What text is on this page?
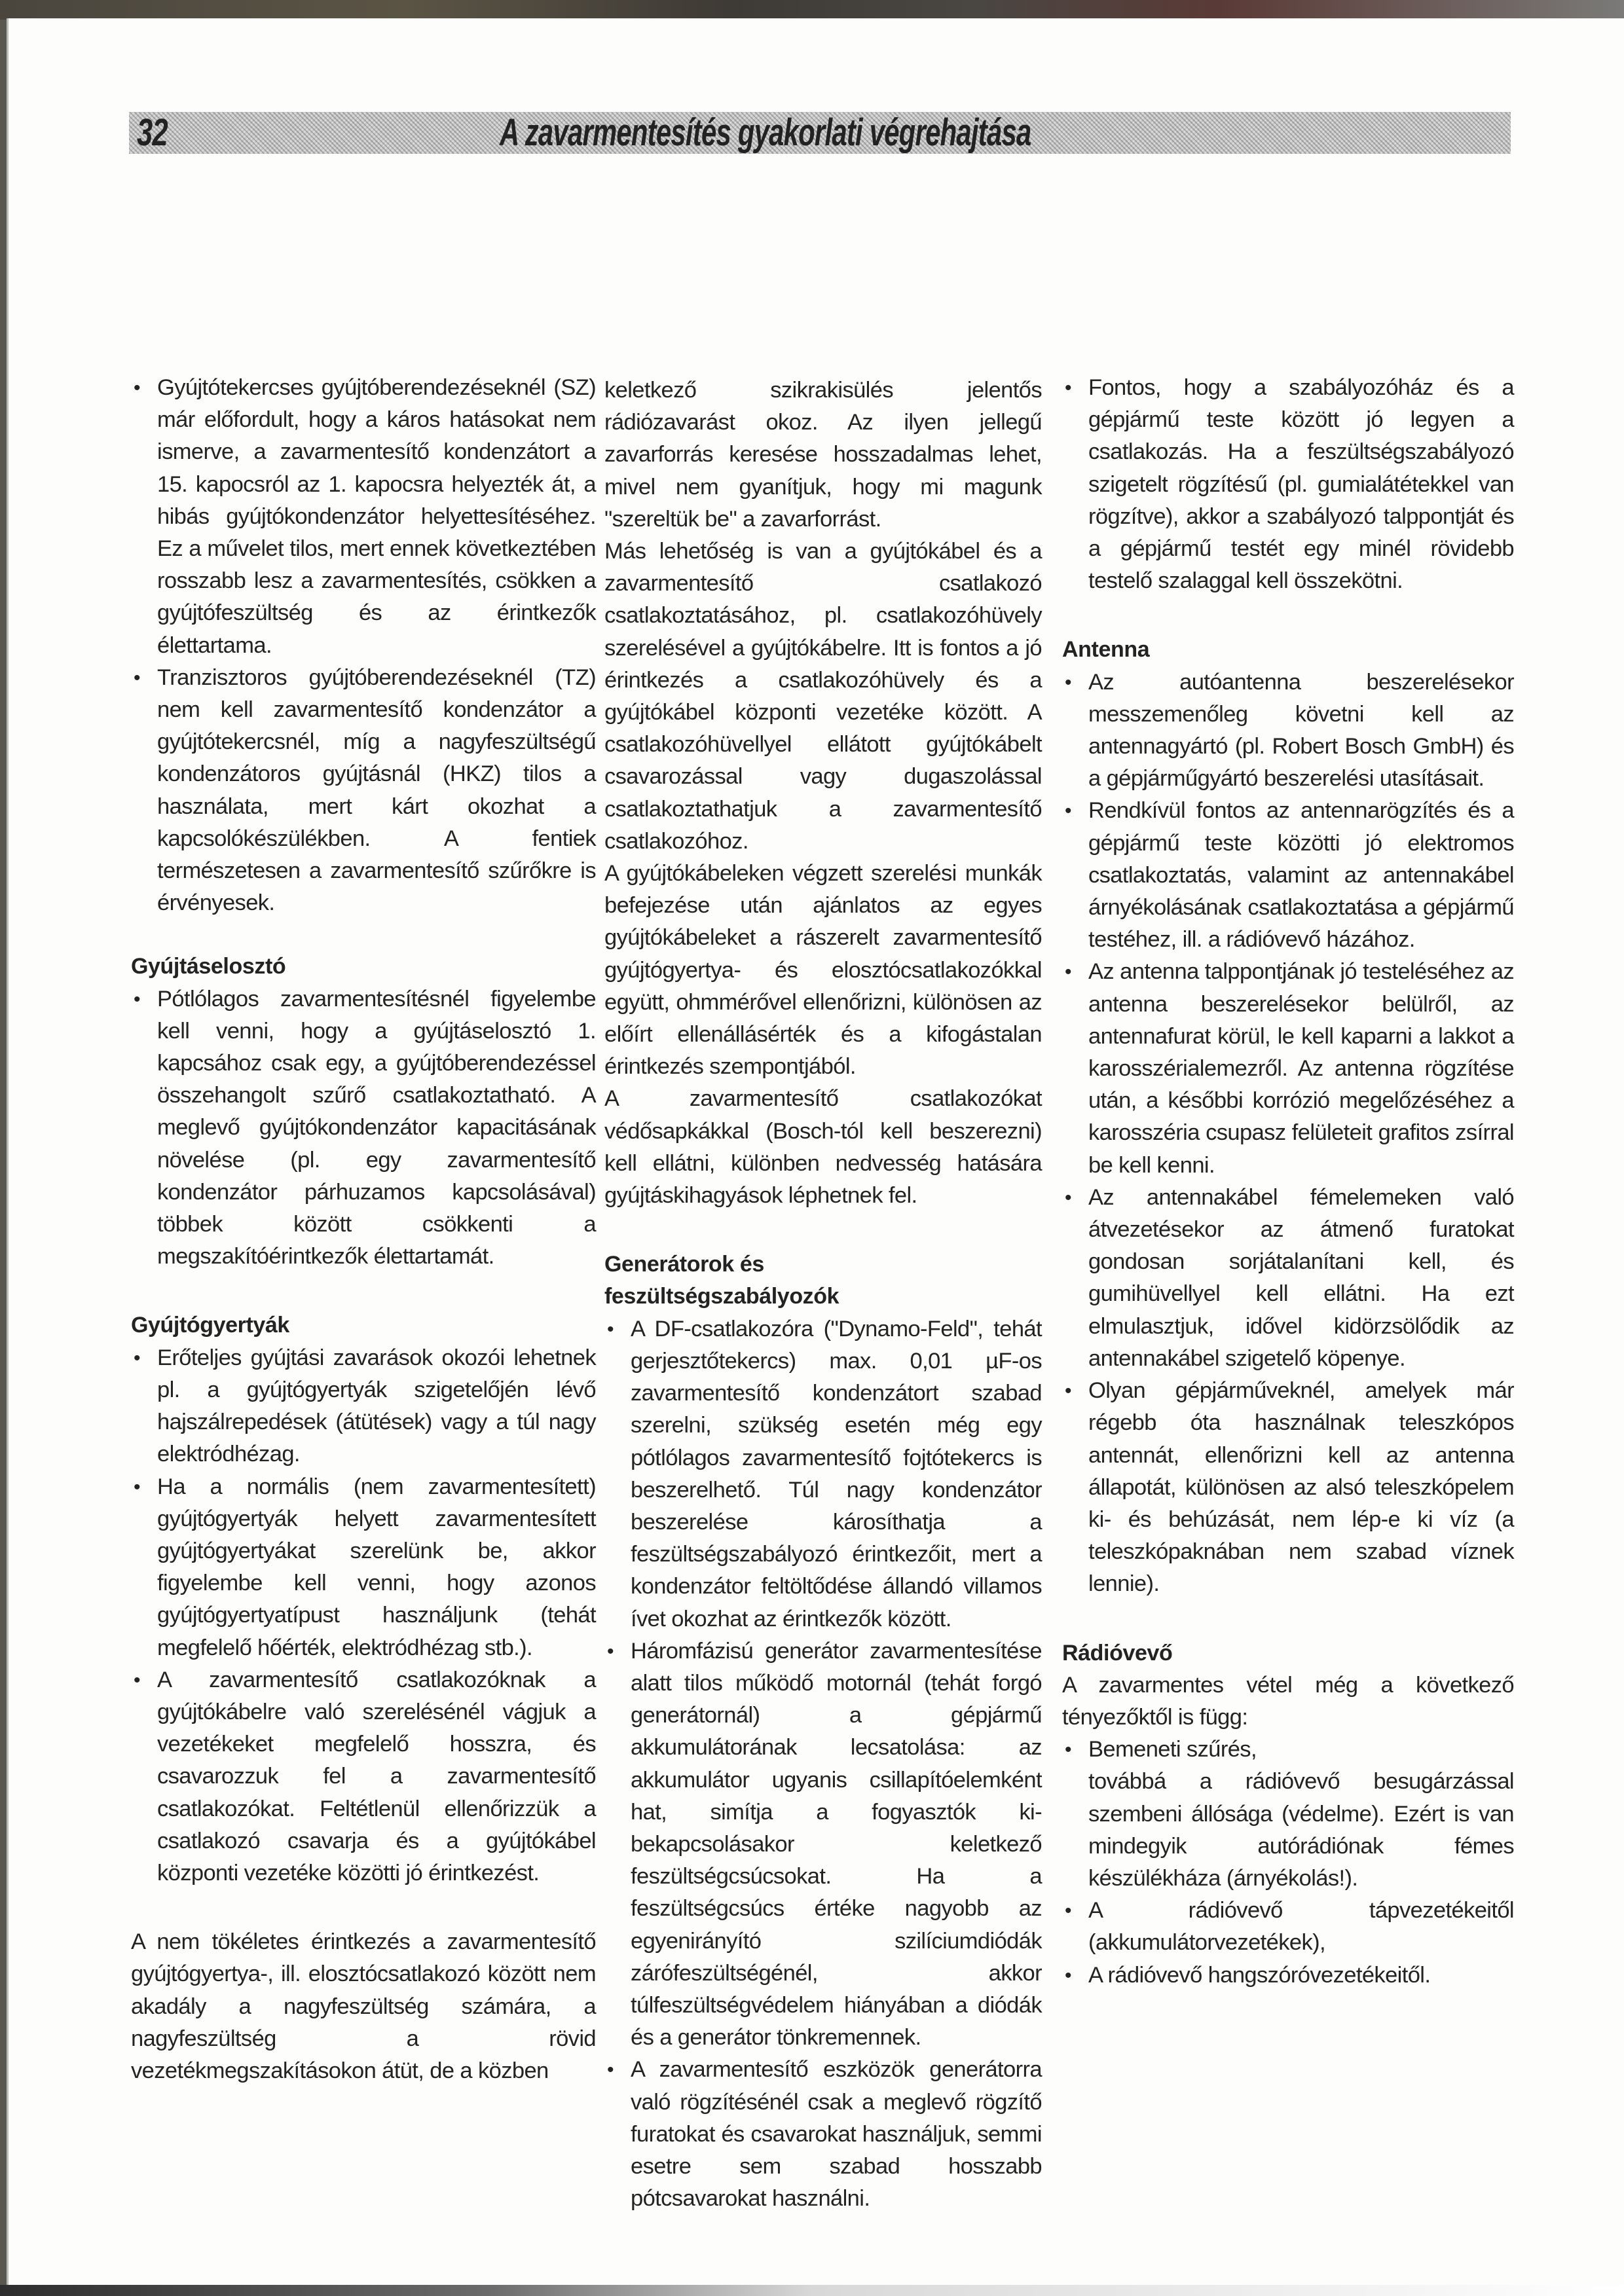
32	A zavarmentesítés gyakorlati végrehajtása

• Gyújtótekercses gyújtóberendezéseknél (SZ) már előfordult, hogy a káros hatásokat nem ismerve, a zavarmentesítő kondenzátort a 15. kapocsról az 1. kapocsra helyezték át, a hibás gyújtókondenzátor helyettesítéséhez. Ez a művelet tilos, mert ennek következtében rosszabb lesz a zavarmentesítés, csökken a gyújtófeszültség és az érintkezők élettartama.

• Tranzisztoros gyújtóberendezéseknél (TZ) nem kell zavarmentesítő kondenzátor a gyújtótekercsnél, míg a nagyfeszültségű kondenzátoros gyújtásnál (HKZ) tilos a használata, mert kárt okozhat a kapcsolókészülékben. A fentiek természetesen a zavarmentesítő szűrőkre is érvényesek.

Gyújtáselosztó

• Pótlólagos zavarmentesítésnél figyelembe kell venni, hogy a gyújtáselosztó 1. kapcsához csak egy, a gyújtóberendezéssel összehangolt szűrő csatlakoztatható. A meglevő gyújtókondenzátor kapacitásának növelése (pl. egy zavarmentesítő kondenzátor párhuzamos kapcsolásával) többek között csökkenti a megszakítóérintkezők élettartamát.

Gyújtógyertyák

• Erőteljes gyújtási zavarások okozói lehetnek pl. a gyújtógyertyák szigetelőjén lévő hajszálrepedések (átütések) vagy a túl nagy elektródhézag.

• Ha a normális (nem zavarmentesített) gyújtógyertyák helyett zavarmentesített gyújtógyertyákat szerelünk be, akkor figyelembe kell venni, hogy azonos gyújtógyertyatípust használjunk (tehát megfelelő hőérték, elektródhézag stb.).

• A zavarmentesítő csatlakozóknak a gyújtókábelre való szerelésénél vágjuk a vezetékeket megfelelő hosszra, és csavarozzuk fel a zavarmentesítő csatlakozókat. Feltétlenül ellenőrizzük a csatlakozó csavarja és a gyújtókábel központi vezetéke közötti jó érintkezést.

A nem tökéletes érintkezés a zavarmentesítő gyújtógyertya-, ill. elosztócsatlakozó között nem akadály a nagyfeszültség számára, a nagyfeszültség a rövid vezetékmegszakításokon átüt, de a közben

keletkező szikrakisülés jelentős rádiózavarást okoz. Az ilyen jellegű zavarforrás keresése hosszadalmas lehet, mivel nem gyanítjuk, hogy mi magunk "szereltük be" a zavarforrást.

Más lehetőség is van a gyújtókábel és a zavarmentesítő csatlakozó csatlakoztatásához, pl. csatlakozóhüvely szerelésével a gyújtókábelre. Itt is fontos a jó érintkezés a csatlakozóhüvely és a gyújtókábel központi vezetéke között. A csatlakozóhüvellyel ellátott gyújtókábelt csavarozással vagy dugaszolással csatlakoztathatjuk a zavarmentesítő csatlakozóhoz.

A gyújtókábeleken végzett szerelési munkák befejezése után ajánlatos az egyes gyújtókábeleket a rászerelt zavarmentesítő gyújtógyertya- és elosztócsatlakozókkal együtt, ohmmérővel ellenőrizni, különösen az előírt ellenállásérték és a kifogástalan érintkezés szempontjából.

A zavarmentesítő csatlakozókat védősapkákkal (Bosch-tól kell beszerezni) kell ellátni, különben nedvesség hatására gyújtáskihagyások léphetnek fel.

Generátorok és
feszültségszabályozók

• A DF-csatlakozóra ("Dynamo-Feld", tehát gerjesztőtekercs) max. 0,01 µF-os zavarmentesítő kondenzátort szabad szerelni, szükség esetén még egy pótlólagos zavarmentesítő fojtótekercs is beszerelhető. Túl nagy kondenzátor beszerelése károsíthatja a feszültségszabályozó érintkezőit, mert a kondenzátor feltöltődése állandó villamos ívet okozhat az érintkezők között.

• Háromfázisú generátor zavarmentesítése alatt tilos működő motornál (tehát forgó generátornál) a gépjármű akkumulátorának lecsatolása: az akkumulátor ugyanis csillapítóelemként hat, simítja a fogyasztók ki-bekapcsolásakor keletkező feszültségcsúcsokat. Ha a feszültségcsúcs értéke nagyobb az egyenirányító szilíciumdiódák zárófeszültségénél, akkor túlfeszültségvédelem hiányában a diódák és a generátor tönkremennek.

• A zavarmentesítő eszközök generátorra való rögzítésénél csak a meglevő rögzítő furatokat és csavarokat használjuk, semmi esetre sem szabad hosszabb pótcsavarokat használni.

• Fontos, hogy a szabályozóház és a gépjármű teste között jó legyen a csatlakozás. Ha a feszültségszabályozó szigetelt rögzítésű (pl. gumialátétekkel van rögzítve), akkor a szabályozó talppontját és a gépjármű testét egy minél rövidebb testelő szalaggal kell összekötni.

Antenna

• Az autóantenna beszerelésekor messzemenőleg követni kell az antennagyártó (pl. Robert Bosch GmbH) és a gépjárműgyártó beszerelési utasításait.

• Rendkívül fontos az antennarögzítés és a gépjármű teste közötti jó elektromos csatlakoztatás, valamint az antennakábel árnyékolásának csatlakoztatása a gépjármű testéhez, ill. a rádióvevő házához.

• Az antenna talppontjának jó testeléséhez az antenna beszerelésekor belülről, az antennafurat körül, le kell kaparni a lakkot a karosszérialemezről. Az antenna rögzítése után, a későbbi korrózió megelőzéséhez a karosszéria csupasz felületeit grafitos zsírral be kell kenni.

• Az antennakábel fémelemeken való átvezetésekor az átmenő furatokat gondosan sorjátalanítani kell, és gumihüvellyel kell ellátni. Ha ezt elmulasztjuk, idővel kidörzsölődik az antennakábel szigetelő köpenye.

• Olyan gépjárműveknél, amelyek már régebb óta használnak teleszkópos antennát, ellenőrizni kell az antenna állapotát, különösen az alsó teleszkópelem ki- és behúzását, nem lép-e ki víz (a teleszkópaknában nem szabad víznek lennie).

Rádióvevő

A zavarmentes vétel még a következő tényezőktől is függ:

• Bemeneti szűrés,

továbbá a rádióvevő besugárzással szembeni állósága (védelme). Ezért is van mindegyik autórádiónak fémes készülékháza (árnyékolás!).

• A rádióvevő tápvezetékeitől (akkumulátorvezetékek),

• A rádióvevő hangszóróvezetékeitől.
